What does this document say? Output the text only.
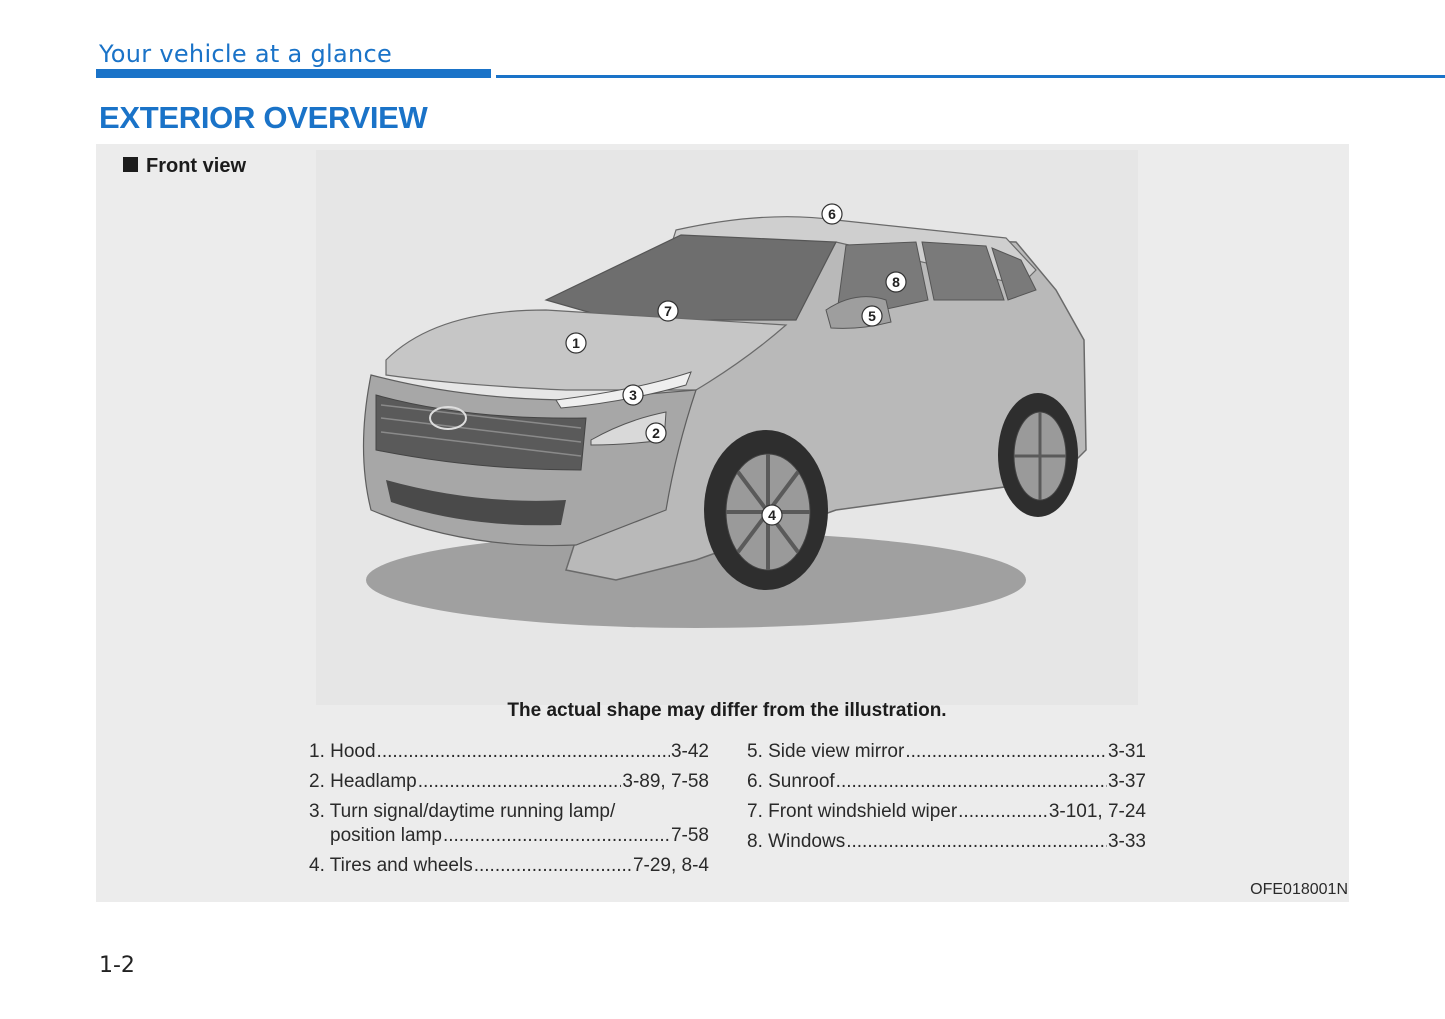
Your vehicle at a glance
EXTERIOR OVERVIEW
Front view
1
2
3
4
5
6
7
8
The actual shape may differ from the illustration.
1. Hood .....	3-42
2. Headlamp .....	3-89, 7-58
3. Turn signal/daytime running lamp/
position lamp .....	7-58
4. Tires and wheels .....	7-29, 8-4
5. Side view mirror .....	3-31
6. Sunroof .....	3-37
7. Front windshield wiper .....	3-101, 7-24
8. Windows .....	3-33
OFE018001N
1-2
